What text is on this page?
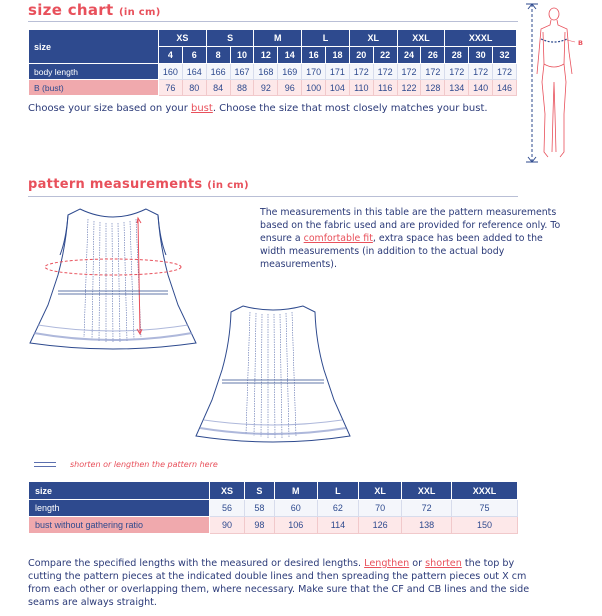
size chart (in cm)
size	XS		S		M		L		XL		XXL		XXXL		
	4	6	8	10	12	14	16	18	20	22	24	26	28	30	32
body length	160	164	166	167	168	169	170	171	172	172	172	172	172	172	172
B (bust)	76	80	84	88	92	96	100	104	110	116	122	128	134	140	146
Choose your size based on your bust. Choose the size that most closely matches your bust.
B
pattern measurements (in cm)
The measurements in this table are the pattern measurements based on the fabric used and are provided for reference only. To ensure a comfortable fit, extra space has been added to the width measurements (in addition to the actual body measurements).
shorten or lengthen the pattern here
size	XS	S	M	L	XL	XXL	XXXL
length	56	58	60	62	70	72	75
bust without gathering ratio	90	98	106	114	126	138	150
Compare the specified lengths with the measured or desired lengths. Lengthen or shorten the top by cutting the pattern pieces at the indicated double lines and then spreading the pattern pieces out X cm from each other or overlapping them, where necessary. Make sure that the CF and CB lines and the side seams are always straight.
